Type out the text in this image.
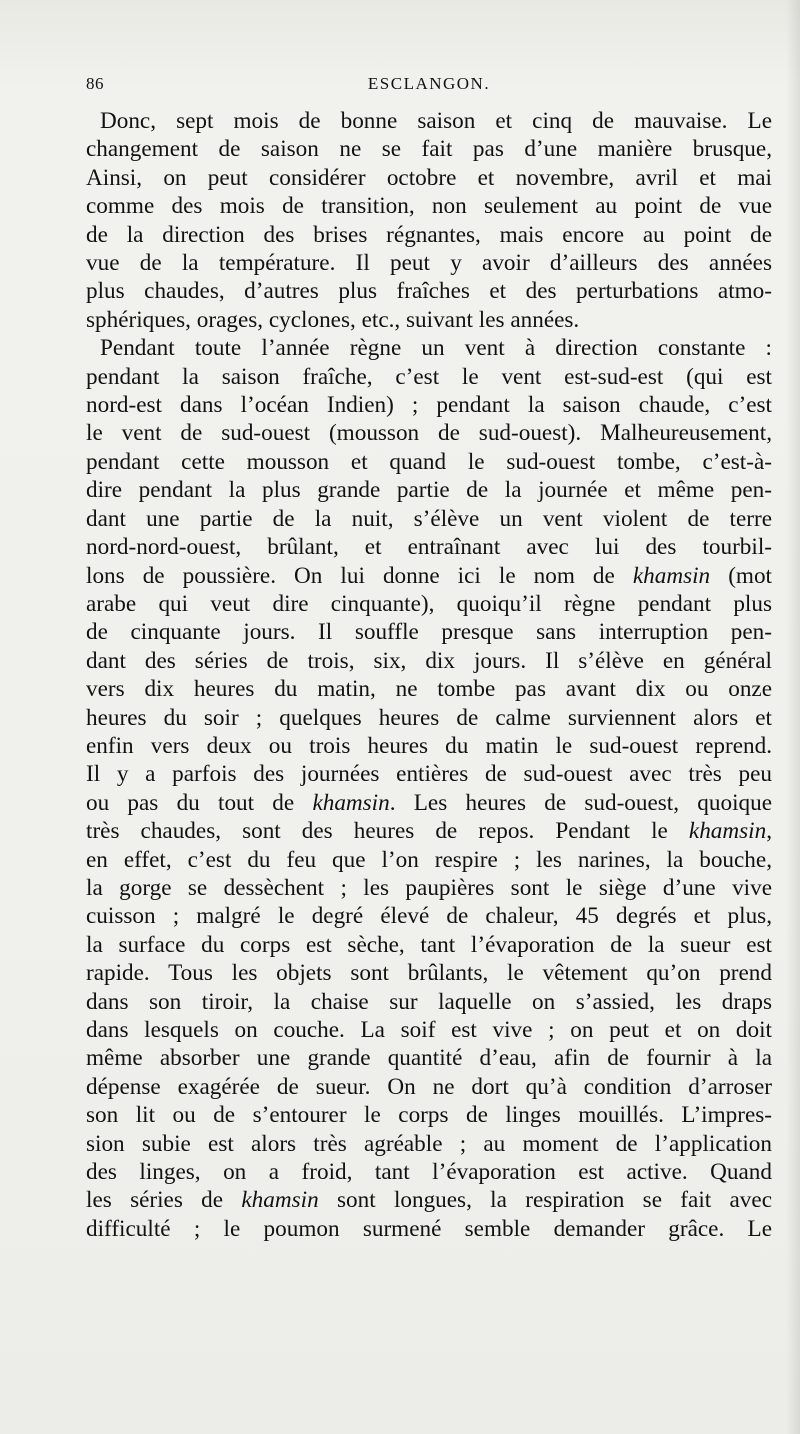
86	ESCLANGON.
Donc, sept mois de bonne saison et cinq de mauvaise. Le
changement de saison ne se fait pas d’une manière brusque,
Ainsi, on peut considérer octobre et novembre, avril et mai
comme des mois de transition, non seulement au point de vue
de la direction des brises régnantes, mais encore au point de
vue de la température. Il peut y avoir d’ailleurs des années
plus chaudes, d’autres plus fraîches et des perturbations atmo-
sphériques, orages, cyclones, etc., suivant les années.
Pendant toute l’année règne un vent à direction constante :
pendant la saison fraîche, c’est le vent est-sud-est (qui est
nord-est dans l’océan Indien) ; pendant la saison chaude, c’est
le vent de sud-ouest (mousson de sud-ouest). Malheureusement,
pendant cette mousson et quand le sud-ouest tombe, c’est-à-
dire pendant la plus grande partie de la journée et même pen-
dant une partie de la nuit, s’élève un vent violent de terre
nord-nord-ouest, brûlant, et entraînant avec lui des tourbil-
lons de poussière. On lui donne ici le nom de khamsin (mot
arabe qui veut dire cinquante), quoiqu’il règne pendant plus
de cinquante jours. Il souffle presque sans interruption pen-
dant des séries de trois, six, dix jours. Il s’élève en général
vers dix heures du matin, ne tombe pas avant dix ou onze
heures du soir ; quelques heures de calme surviennent alors et
enfin vers deux ou trois heures du matin le sud-ouest reprend.
Il y a parfois des journées entières de sud-ouest avec très peu
ou pas du tout de khamsin. Les heures de sud-ouest, quoique
très chaudes, sont des heures de repos. Pendant le khamsin,
en effet, c’est du feu que l’on respire ; les narines, la bouche,
la gorge se dessèchent ; les paupières sont le siège d’une vive
cuisson ; malgré le degré élevé de chaleur, 45 degrés et plus,
la surface du corps est sèche, tant l’évaporation de la sueur est
rapide. Tous les objets sont brûlants, le vêtement qu’on prend
dans son tiroir, la chaise sur laquelle on s’assied, les draps
dans lesquels on couche. La soif est vive ; on peut et on doit
même absorber une grande quantité d’eau, afin de fournir à la
dépense exagérée de sueur. On ne dort qu’à condition d’arroser
son lit ou de s’entourer le corps de linges mouillés. L’impres-
sion subie est alors très agréable ; au moment de l’application
des linges, on a froid, tant l’évaporation est active. Quand
les séries de khamsin sont longues, la respiration se fait avec
difficulté ; le poumon surmené semble demander grâce. Le
